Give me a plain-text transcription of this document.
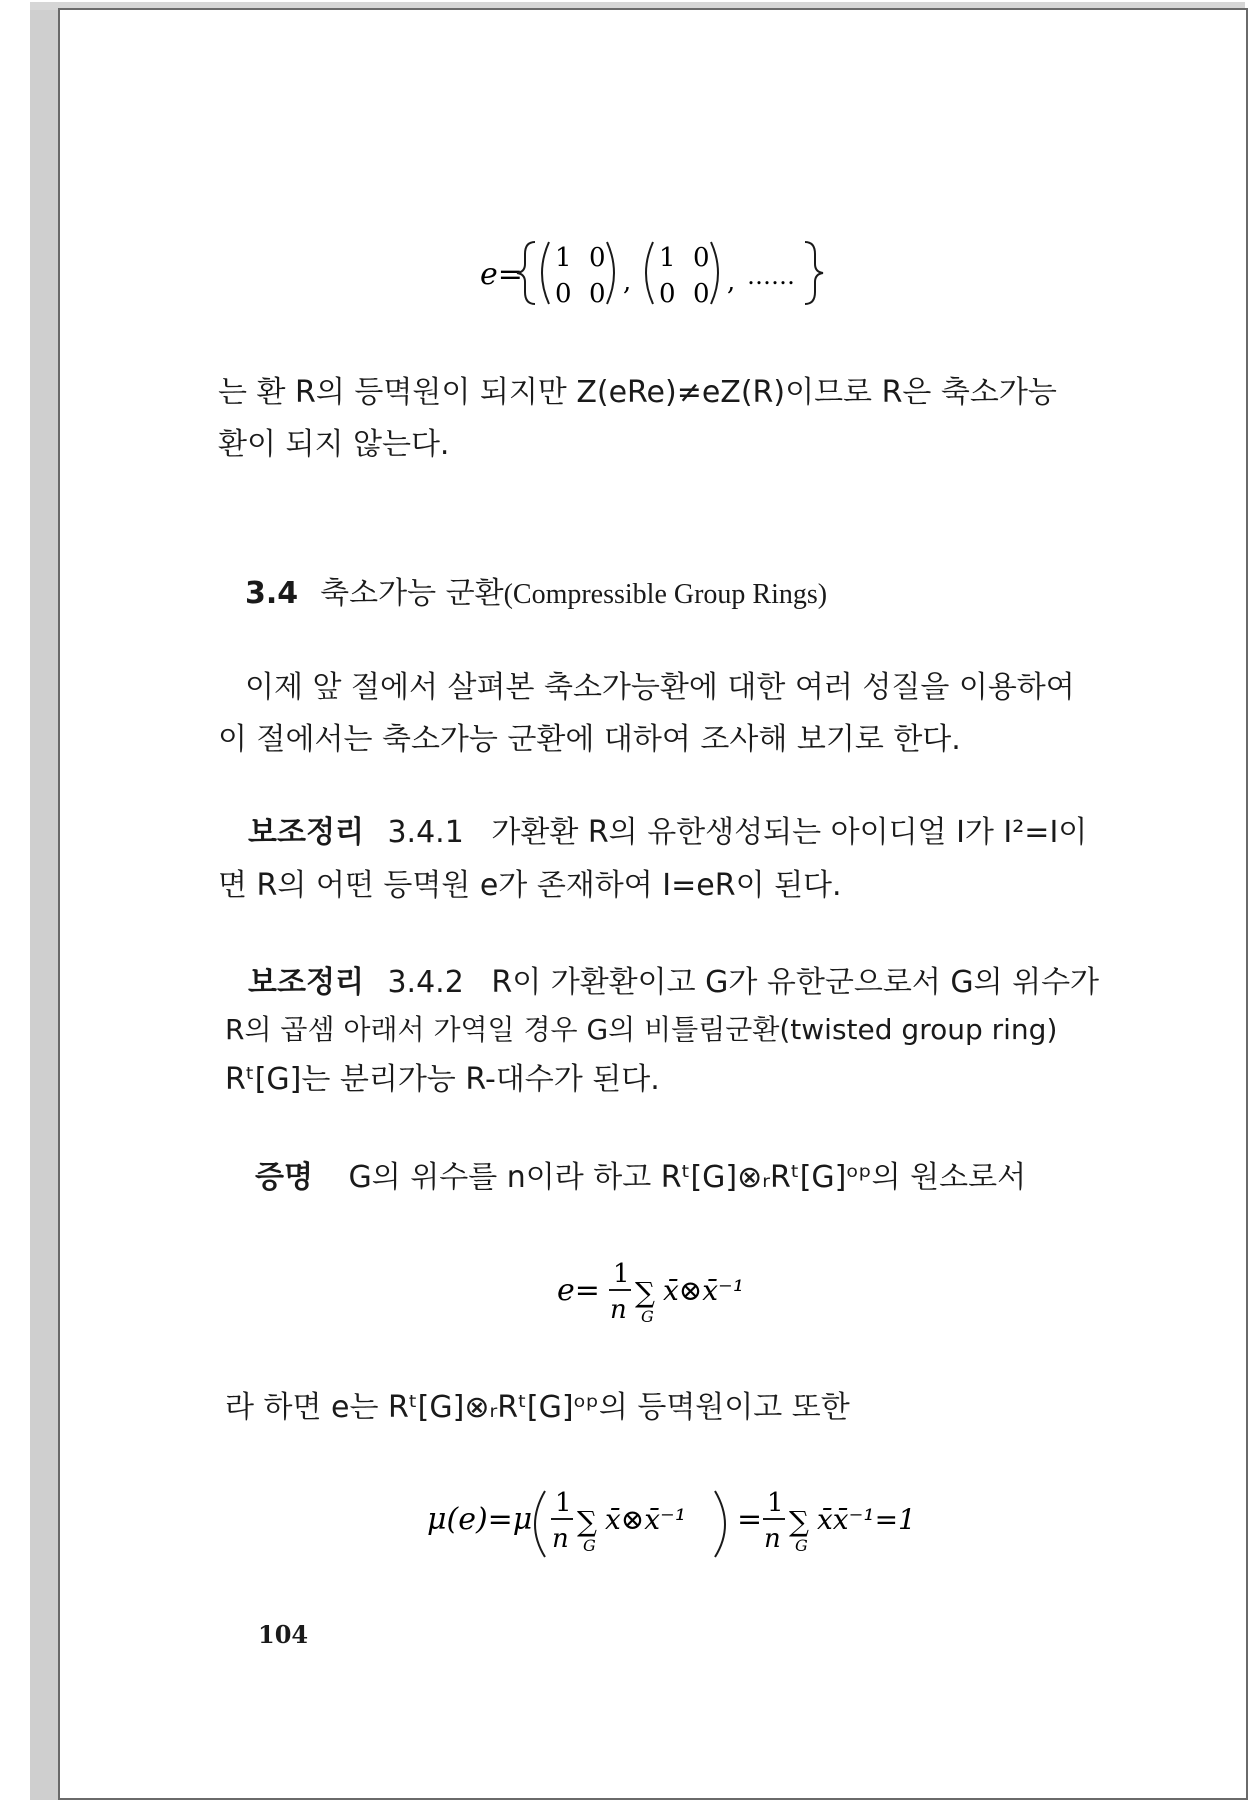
e= 1 0
0 0 ,
1 0
0 0 , ……
는 환 R의 등멱원이 되지만 Z(eRe)≠eZ(R)이므로 R은 축소가능
환이 되지 않는다.
3.4 축소가능 군환(Compressible Group Rings)
이제 앞 절에서 살펴본 축소가능환에 대한 여러 성질을 이용하여
이 절에서는 축소가능 군환에 대하여 조사해 보기로 한다.
보조정리 3.4.1 가환환 R의 유한생성되는 아이디얼 I가 I²=I이
면 R의 어떤 등멱원 e가 존재하여 I=eR이 된다.
보조정리 3.4.2 R이 가환환이고 G가 유한군으로서 G의 위수가
R의 곱셈 아래서 가역일 경우 G의 비틀림군환(twisted group ring)
Rᵗ[G]는 분리가능 R-대수가 된다.
증명 G의 위수를 n이라 하고 Rᵗ[G]⊗ᵣRᵗ[G]ᵒᵖ의 원소로서
e= 1
n
∑
G
x̄⊗x̄⁻¹
라 하면 e는 Rᵗ[G]⊗ᵣRᵗ[G]ᵒᵖ의 등멱원이고 또한
μ(e)=μ 1
n
∑
G
x̄⊗x̄⁻¹ = 1
n
∑
G
x̄x̄⁻¹=1
104
